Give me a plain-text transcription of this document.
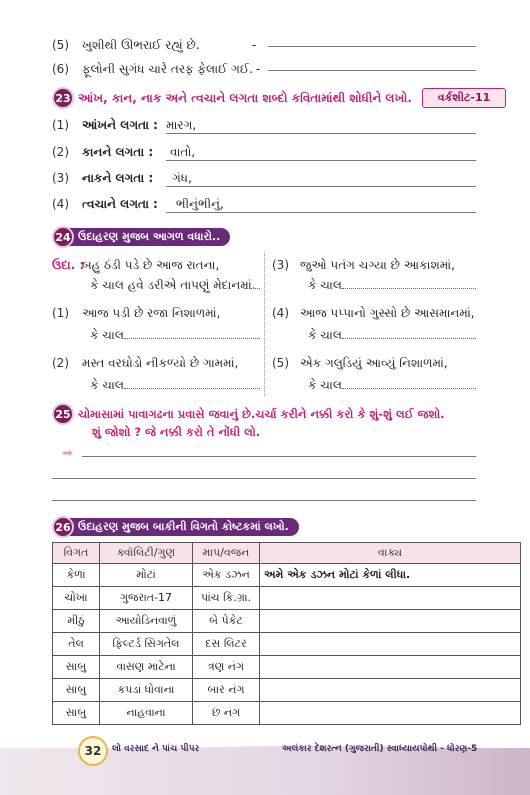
(5) ખુશીથી ઊભરાઈ રહ્યું છે.	-
(6) ફૂલોની સુગંધ ચારે તરફ ફેલાઈ ગઈ. -
23 આંખ, કાન, નાક અને ત્વચાને લગતા શબ્દો કવિતામાંથી શોધીને લખો.	વર્કશીટ-11
(1) આંખને લગતા : મારગ,
(2) કાનને લગતા : વાતો,
(3) નાકને લગતા : ગંધ,
(4) ત્વચાને લગતા : ભીનુંભીનું,
24 ઉદાહરણ મુજબ આગળ વધારો..
ઉદા. :
બહુ ઠંડી પડે છે આજ રાતના,
કે ચાલ હવે ડરીએ તાપણું મેદાનમાં.
(1) આજ પડી છે રજા નિશાળમાં,
કે ચાલ
(2) મસ્ત વરઘોડો નીકળ્યો છે ગામમાં,
કે ચાલ
(3) જુઓ પતંગ ચગ્યા છે આકાશમાં,
કે ચાલ
(4) આજ પપ્પાનો ગુસ્સો છે આસમાનમાં,
કે ચાલ
(5) એક ગલુડિયું આવ્યું નિશાળમાં,
કે ચાલ
25 ચોમાસામાં પાવાગઢના પ્રવાસે જવાનું છે.ચર્ચા કરીને નક્કી કરો કે શું-શું લઈ જશો.
શું જોશો ? જે નક્કી કરો તે નોંધી લો.
➡
26 ઉદાહરણ મુજબ બાકીની વિગતો કોષ્ટકમાં લખો.
વિગત	ક્વૉલિટી/ગુણ	માપ/વજન	વાક્ય
કેળાં	મોટાં	એક ડઝન	અમે એક ડઝન મોટાં કેળાં લીધા.
ચોખા	ગુજરાત-17	પાંચ કિ.ગ્રા.	
મીઠું	આયોડિનવાળું	બે પેકેટ	
તેલ	ફિલ્ટર્ડ સિંગતેલ	દસ લિટર	
સાબુ	વાસણ માટેના	ત્રણ નંગ	
સાબુ	કપડાં ધોવાના	બાર નંગ	
સાબુ	નાહવાના	છ નંગ	
32	લો વરસાદ ને પાંચ પીપર	અલંકાર દેશરત્ન (ગુજરાતી) સ્વાધ્યાયપોથી - ધોરણ-5
